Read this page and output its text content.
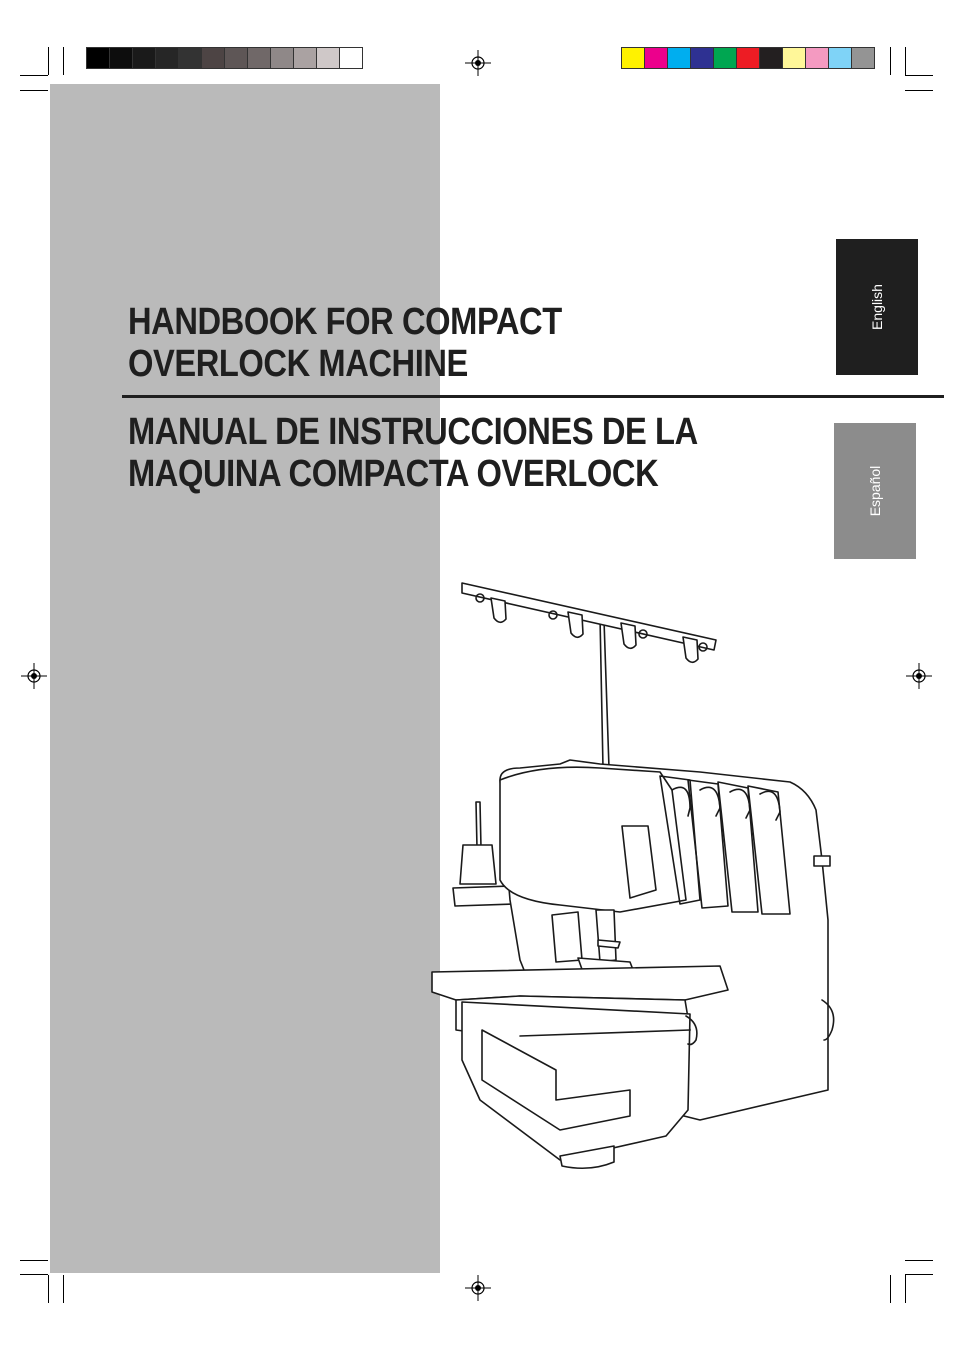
HANDBOOK FOR COMPACT
OVERLOCK MACHINE
MANUAL DE INSTRUCCIONES DE LA
MAQUINA COMPACTA OVERLOCK
English
Español
